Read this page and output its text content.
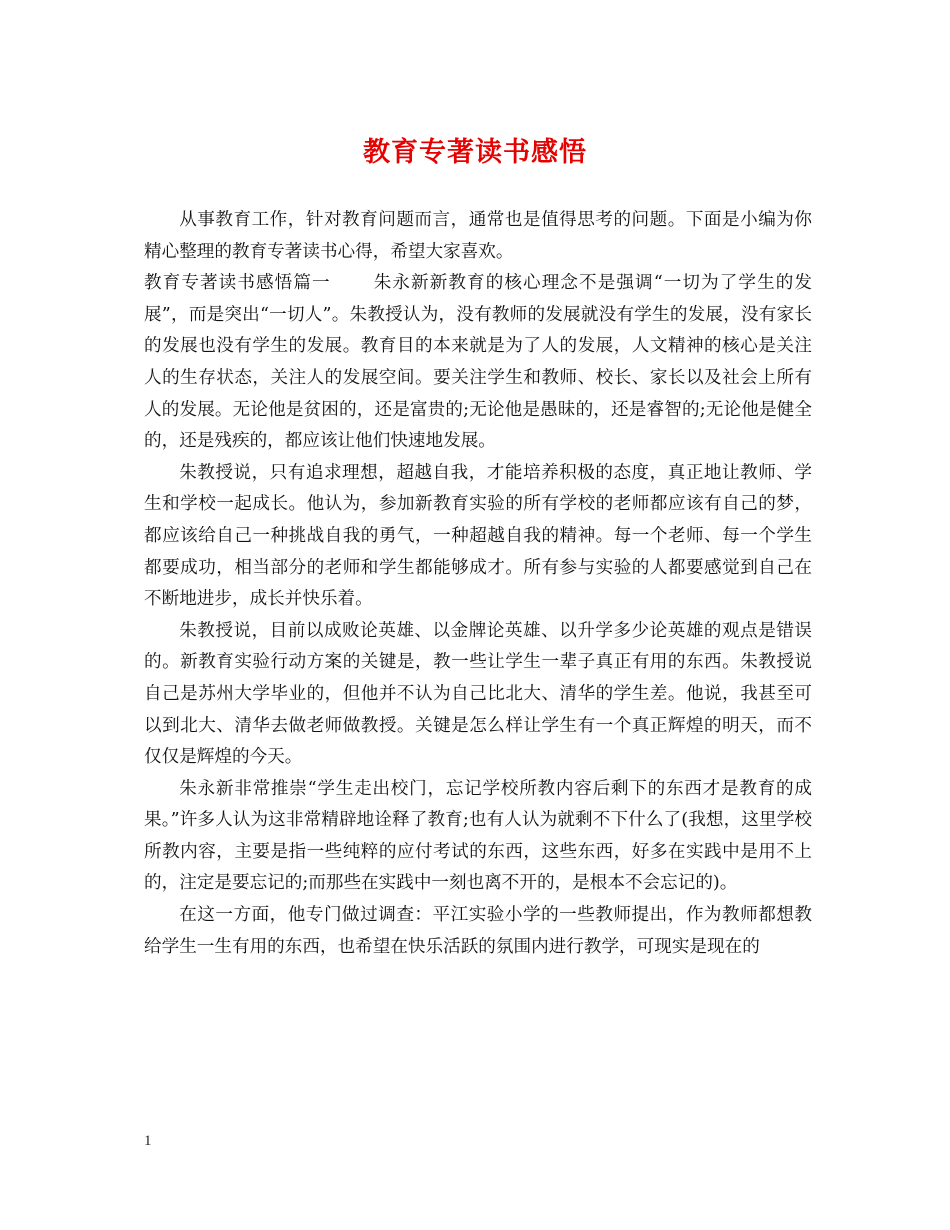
教育专著读书感悟

从事教育工作，针对教育问题而言，通常也是值得思考的问题。下面是小编为你精心整理的教育专著读书心得，希望大家喜欢。

教育专著读书感悟篇一 朱永新新教育的核心理念不是强调“一切为了学生的发展”，而是突出“一切人”。朱教授认为，没有教师的发展就没有学生的发展，没有家长的发展也没有学生的发展。教育目的本来就是为了人的发展，人文精神的核心是关注人的生存状态，关注人的发展空间。要关注学生和教师、校长、家长以及社会上所有人的发展。无论他是贫困的，还是富贵的;无论他是愚昧的，还是睿智的;无论他是健全的，还是残疾的，都应该让他们快速地发展。

朱教授说，只有追求理想，超越自我，才能培养积极的态度，真正地让教师、学生和学校一起成长。他认为，参加新教育实验的所有学校的老师都应该有自己的梦，都应该给自己一种挑战自我的勇气，一种超越自我的精神。每一个老师、每一个学生都要成功，相当部分的老师和学生都能够成才。所有参与实验的人都要感觉到自己在不断地进步，成长并快乐着。

朱教授说，目前以成败论英雄、以金牌论英雄、以升学多少论英雄的观点是错误的。新教育实验行动方案的关键是，教一些让学生一辈子真正有用的东西。朱教授说自己是苏州大学毕业的，但他并不认为自己比北大、清华的学生差。他说，我甚至可以到北大、清华去做老师做教授。关键是怎么样让学生有一个真正辉煌的明天，而不仅仅是辉煌的今天。

朱永新非常推崇“学生走出校门，忘记学校所教内容后剩下的东西才是教育的成果。”许多人认为这非常精辟地诠释了教育;也有人认为就剩不下什么了(我想，这里学校所教内容，主要是指一些纯粹的应付考试的东西，这些东西，好多在实践中是用不上的，注定是要忘记的;而那些在实践中一刻也离不开的，是根本不会忘记的)。

在这一方面，他专门做过调查：平江实验小学的一些教师提出，作为教师都想教给学生一生有用的东西，也希望在快乐活跃的氛围内进行教学，可现实是现在的

1
